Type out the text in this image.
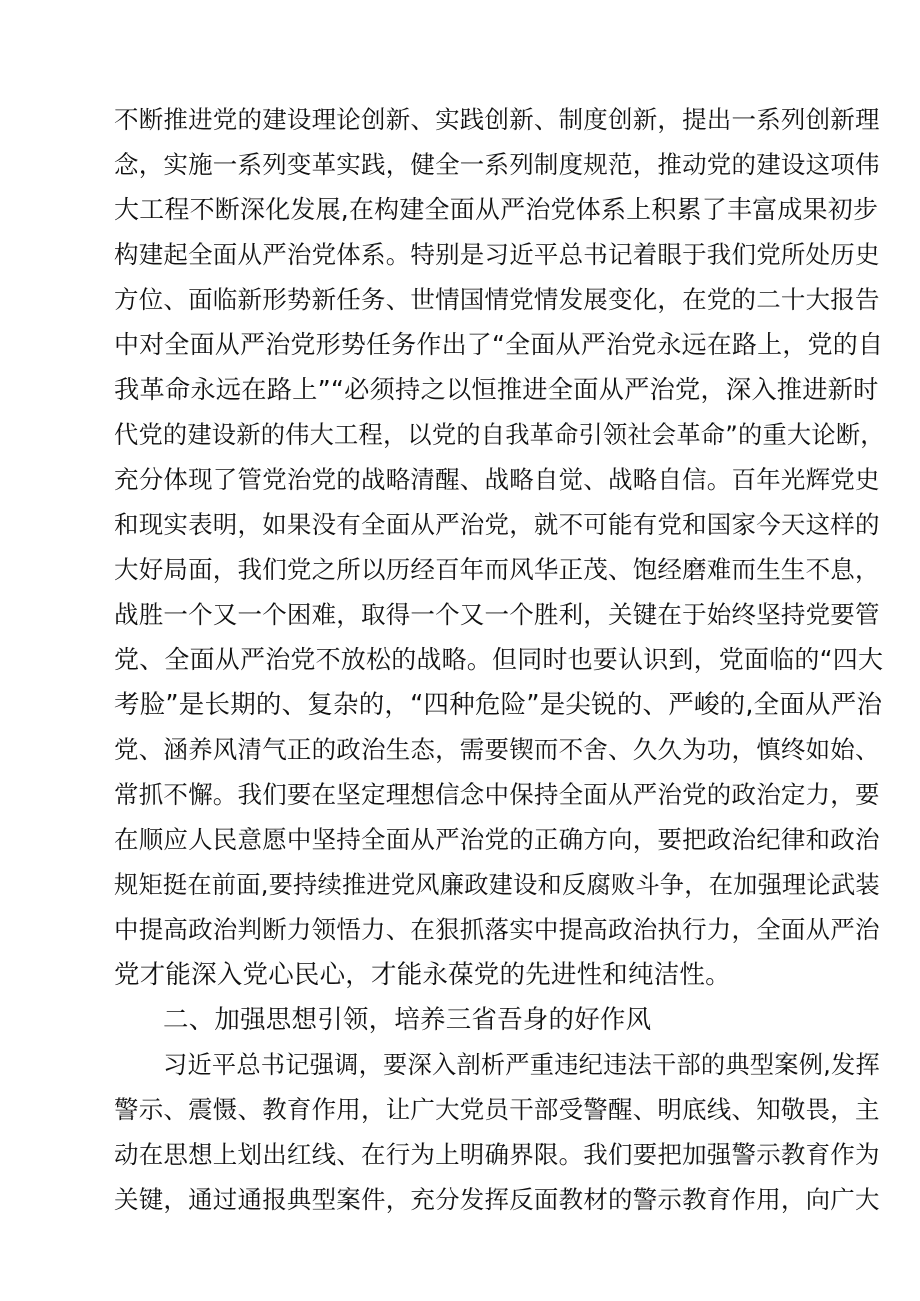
不断推进党的建设理论创新、实践创新、制度创新，提出一系列创新理
念，实施一系列变革实践，健全一系列制度规范，推动党的建设这项伟
大工程不断深化发展,在构建全面从严治党体系上积累了丰富成果初步
构建起全面从严治党体系。特别是习近平总书记着眼于我们党所处历史
方位、面临新形势新任务、世情国情党情发展变化，在党的二十大报告
中对全面从严治党形势任务作出了“全面从严治党永远在路上，党的自
我革命永远在路上”“必须持之以恒推进全面从严治党，深入推进新时
代党的建设新的伟大工程，以党的自我革命引领社会革命”的重大论断，
充分体现了管党治党的战略清醒、战略自觉、战略自信。百年光辉党史
和现实表明，如果没有全面从严治党，就不可能有党和国家今天这样的
大好局面，我们党之所以历经百年而风华正茂、饱经磨难而生生不息，
战胜一个又一个困难，取得一个又一个胜利，关键在于始终坚持党要管
党、全面从严治党不放松的战略。但同时也要认识到，党面临的“四大
考脸”是长期的、复杂的，“四种危险”是尖锐的、严峻的,全面从严治
党、涵养风清气正的政治生态，需要锲而不舍、久久为功，慎终如始、
常抓不懈。我们要在坚定理想信念中保持全面从严治党的政治定力，要
在顺应人民意愿中坚持全面从严治党的正确方向，要把政治纪律和政治
规矩挺在前面,要持续推进党风廉政建设和反腐败斗争，在加强理论武装
中提高政治判断力领悟力、在狠抓落实中提高政治执行力，全面从严治
党才能深入党心民心，才能永葆党的先进性和纯洁性。
二、加强思想引领，培养三省吾身的好作风
习近平总书记强调，要深入剖析严重违纪违法干部的典型案例,发挥
警示、震慑、教育作用，让广大党员干部受警醒、明底线、知敬畏，主
动在思想上划出红线、在行为上明确界限。我们要把加强警示教育作为
关键，通过通报典型案件，充分发挥反面教材的警示教育作用，向广大
